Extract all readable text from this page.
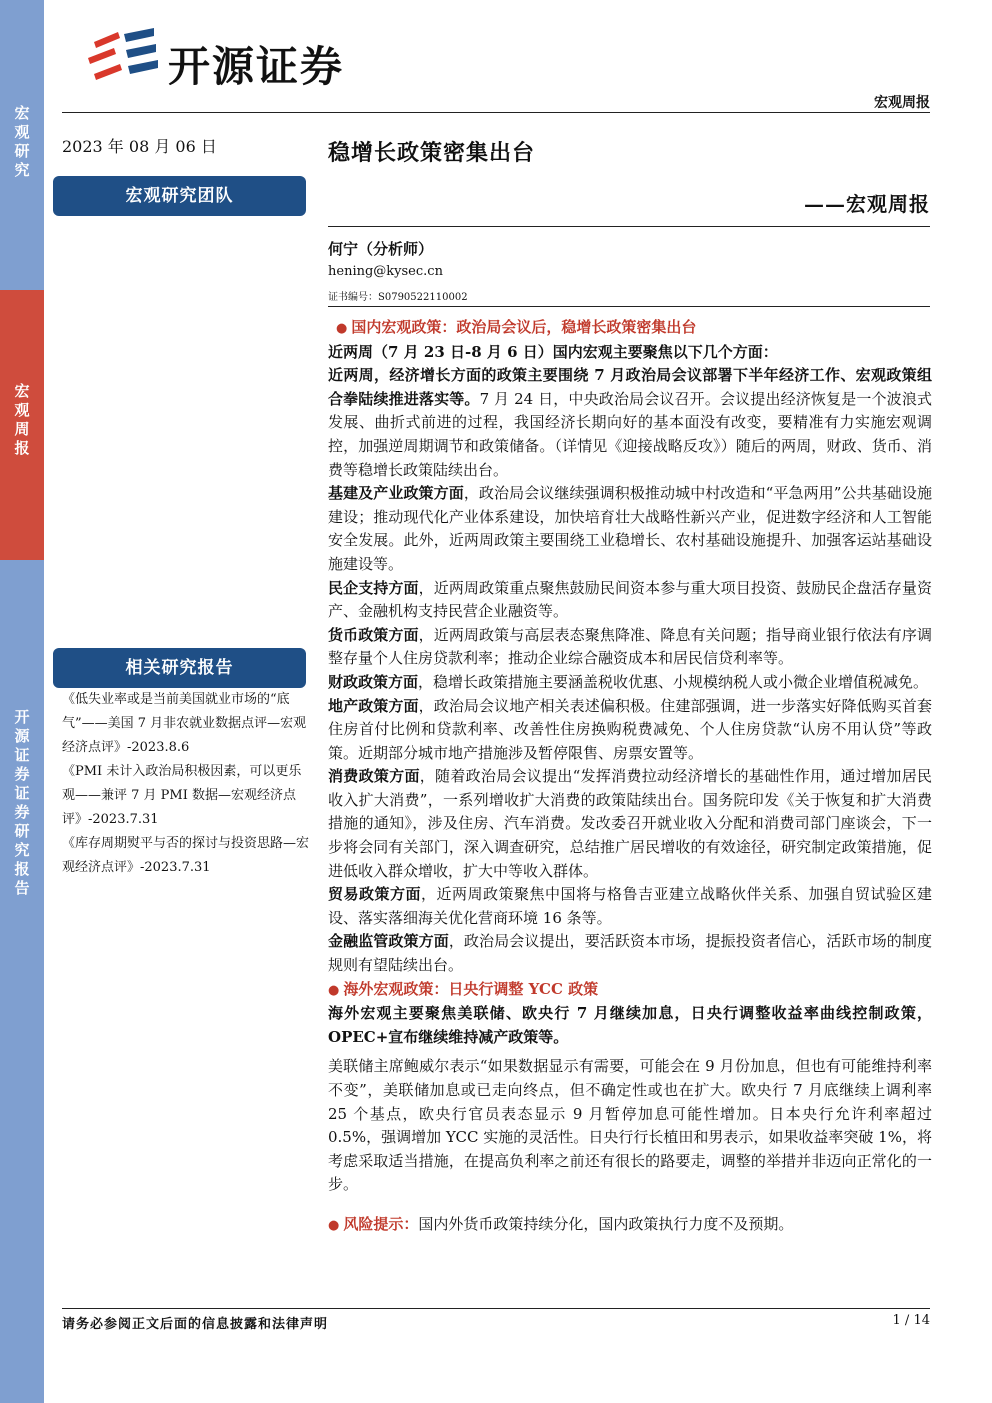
宏观研究
宏观周报
开源证券 证券研究报告
开源证券
宏观周报
2023 年 08 月 06 日
宏观研究团队
相关研究报告

《低失业率或是当前美国就业市场的“底气”——美国 7 月非农就业数据点评—宏观经济点评》-2023.8.6

《PMI 未计入政治局积极因素，可以更乐观——兼评 7 月 PMI 数据—宏观经济点评》-2023.7.31

《库存周期熨平与否的探讨与投资思路—宏观经济点评》-2023.7.31

稳增长政策密集出台
——宏观周报
何宁（分析师）
hening@kysec.cn
证书编号：S0790522110002

● 国内宏观政策：政治局会议后，稳增长政策密集出台

近两周（7 月 23 日-8 月 6 日）国内宏观主要聚焦以下几个方面：

近两周，经济增长方面的政策主要围绕 7 月政治局会议部署下半年经济工作、宏观政策组合拳陆续推进落实等。7 月 24 日，中央政治局会议召开。会议提出经济恢复是一个波浪式发展、曲折式前进的过程，我国经济长期向好的基本面没有改变，要精准有力实施宏观调控，加强逆周期调节和政策储备。（详情见《迎接战略反攻》）随后的两周，财政、货币、消费等稳增长政策陆续出台。

基建及产业政策方面，政治局会议继续强调积极推动城中村改造和“平急两用”公共基础设施建设；推动现代化产业体系建设，加快培育壮大战略性新兴产业，促进数字经济和人工智能安全发展。此外，近两周政策主要围绕工业稳增长、农村基础设施提升、加强客运站基础设施建设等。

民企支持方面，近两周政策重点聚焦鼓励民间资本参与重大项目投资、鼓励民企盘活存量资产、金融机构支持民营企业融资等。

货币政策方面，近两周政策与高层表态聚焦降准、降息有关问题；指导商业银行依法有序调整存量个人住房贷款利率；推动企业综合融资成本和居民信贷利率等。

财政政策方面，稳增长政策措施主要涵盖税收优惠、小规模纳税人或小微企业增值税减免。

地产政策方面，政治局会议地产相关表述偏积极。住建部强调，进一步落实好降低购买首套住房首付比例和贷款利率、改善性住房换购税费减免、个人住房贷款“认房不用认贷”等政策。近期部分城市地产措施涉及暂停限售、房票安置等。

消费政策方面，随着政治局会议提出“发挥消费拉动经济增长的基础性作用，通过增加居民收入扩大消费”，一系列增收扩大消费的政策陆续出台。国务院印发《关于恢复和扩大消费措施的通知》，涉及住房、汽车消费。发改委召开就业收入分配和消费司部门座谈会，下一步将会同有关部门，深入调查研究，总结推广居民增收的有效途径，研究制定政策措施，促进低收入群众增收，扩大中等收入群体。

贸易政策方面，近两周政策聚焦中国将与格鲁吉亚建立战略伙伴关系、加强自贸试验区建设、落实落细海关优化营商环境 16 条等。

金融监管政策方面，政治局会议提出，要活跃资本市场，提振投资者信心，活跃市场的制度规则有望陆续出台。

● 海外宏观政策：日央行调整 YCC 政策

海外宏观主要聚焦美联储、欧央行 7 月继续加息，日央行调整收益率曲线控制政策，OPEC+宣布继续维持减产政策等。

美联储主席鲍威尔表示“如果数据显示有需要，可能会在 9 月份加息，但也有可能维持利率不变”，美联储加息或已走向终点，但不确定性或也在扩大。欧央行 7 月底继续上调利率 25 个基点，欧央行官员表态显示 9 月暂停加息可能性增加。日本央行允许利率超过 0.5%，强调增加 YCC 实施的灵活性。日央行行长植田和男表示，如果收益率突破 1%，将考虑采取适当措施，在提高负利率之前还有很长的路要走，调整的举措并非迈向正常化的一步。

● 风险提示：国内外货币政策持续分化，国内政策执行力度不及预期。

请务必参阅正文后面的信息披露和法律声明	1 / 14
